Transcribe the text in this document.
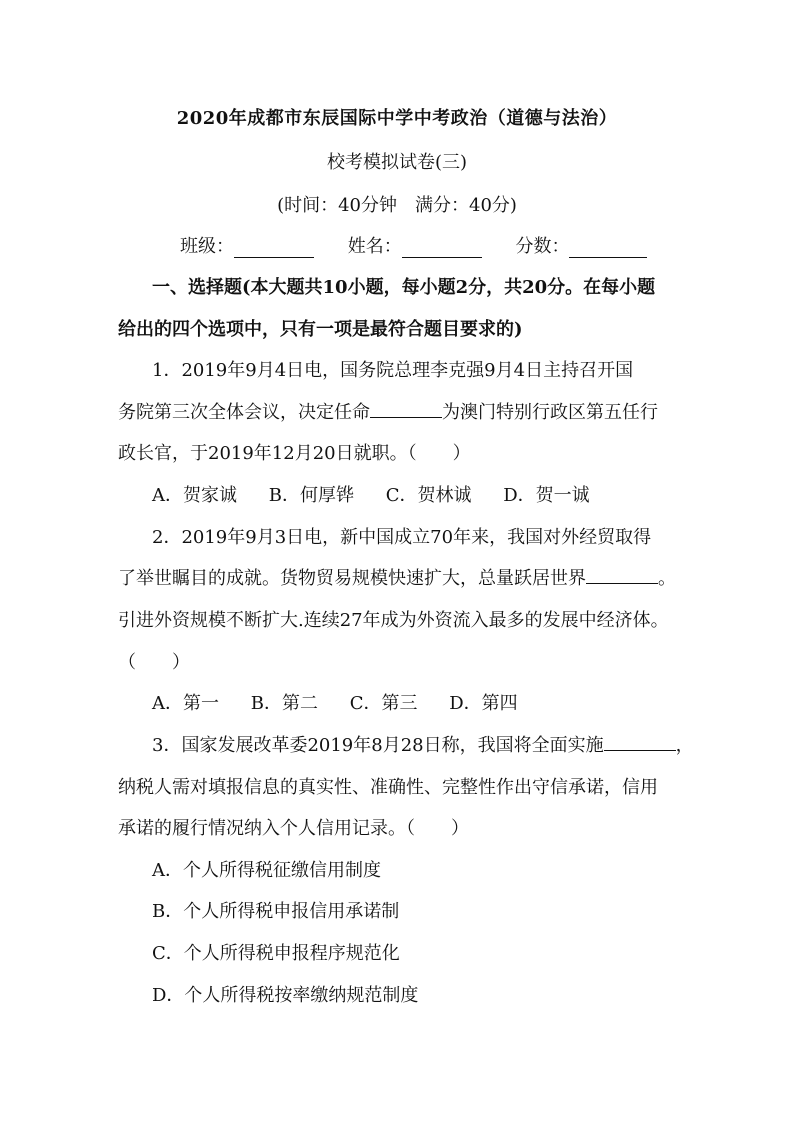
2020年成都市东辰国际中学中考政治（道德与法治）
校考模拟试卷(三)
(时间：40分钟　满分：40分)
班级：	姓名：	分数：
一、选择题(本大题共10小题，每小题2分，共20分。在每小题
给出的四个选项中，只有一项是最符合题目要求的)
1．2019年9月4日电，国务院总理李克强9月4日主持召开国
务院第三次全体会议，决定任命	为澳门特别行政区第五任行
政长官，于2019年12月20日就职。（　　）
A．贺家诚 B．何厚铧 C．贺林诚 D．贺一诚
2．2019年9月3日电，新中国成立70年来，我国对外经贸取得
了举世瞩目的成就。货物贸易规模快速扩大，总量跃居世界	。
引进外资规模不断扩大.连续27年成为外资流入最多的发展中经济体。
（　　）
A．第一 B．第二 C．第三 D．第四
3．国家发展改革委2019年8月28日称，我国将全面实施	，
纳税人需对填报信息的真实性、准确性、完整性作出守信承诺，信用
承诺的履行情况纳入个人信用记录。（　　）
A．个人所得税征缴信用制度
B．个人所得税申报信用承诺制
C．个人所得税申报程序规范化
D．个人所得税按率缴纳规范制度
